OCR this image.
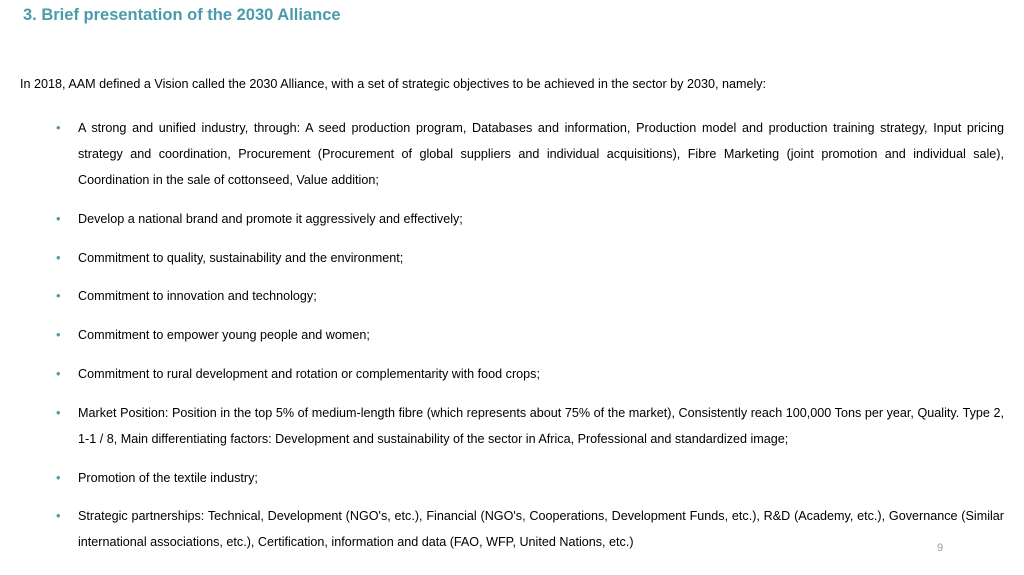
3. Brief presentation of the 2030 Alliance
In 2018, AAM defined a Vision called the 2030 Alliance, with a set of strategic objectives to be achieved in the sector by 2030, namely:
• A strong and unified industry, through: A seed production program, Databases and information, Production model and production training strategy, Input pricing strategy and coordination, Procurement (Procurement of global suppliers and individual acquisitions), Fibre Marketing (joint promotion and individual sale), Coordination in the sale of cottonseed, Value addition;
• Develop a national brand and promote it aggressively and effectively;
• Commitment to quality, sustainability and the environment;
• Commitment to innovation and technology;
• Commitment to empower young people and women;
• Commitment to rural development and rotation or complementarity with food crops;
• Market Position: Position in the top 5% of medium-length fibre (which represents about 75% of the market), Consistently reach 100,000 Tons per year, Quality. Type 2, 1-1 / 8, Main differentiating factors: Development and sustainability of the sector in Africa, Professional and standardized image;
• Promotion of the textile industry;
• Strategic partnerships: Technical, Development (NGO's, etc.), Financial (NGO's, Cooperations, Development Funds, etc.), R&D (Academy, etc.), Governance (Similar international associations, etc.), Certification, information and data (FAO, WFP, United Nations, etc.)	9
